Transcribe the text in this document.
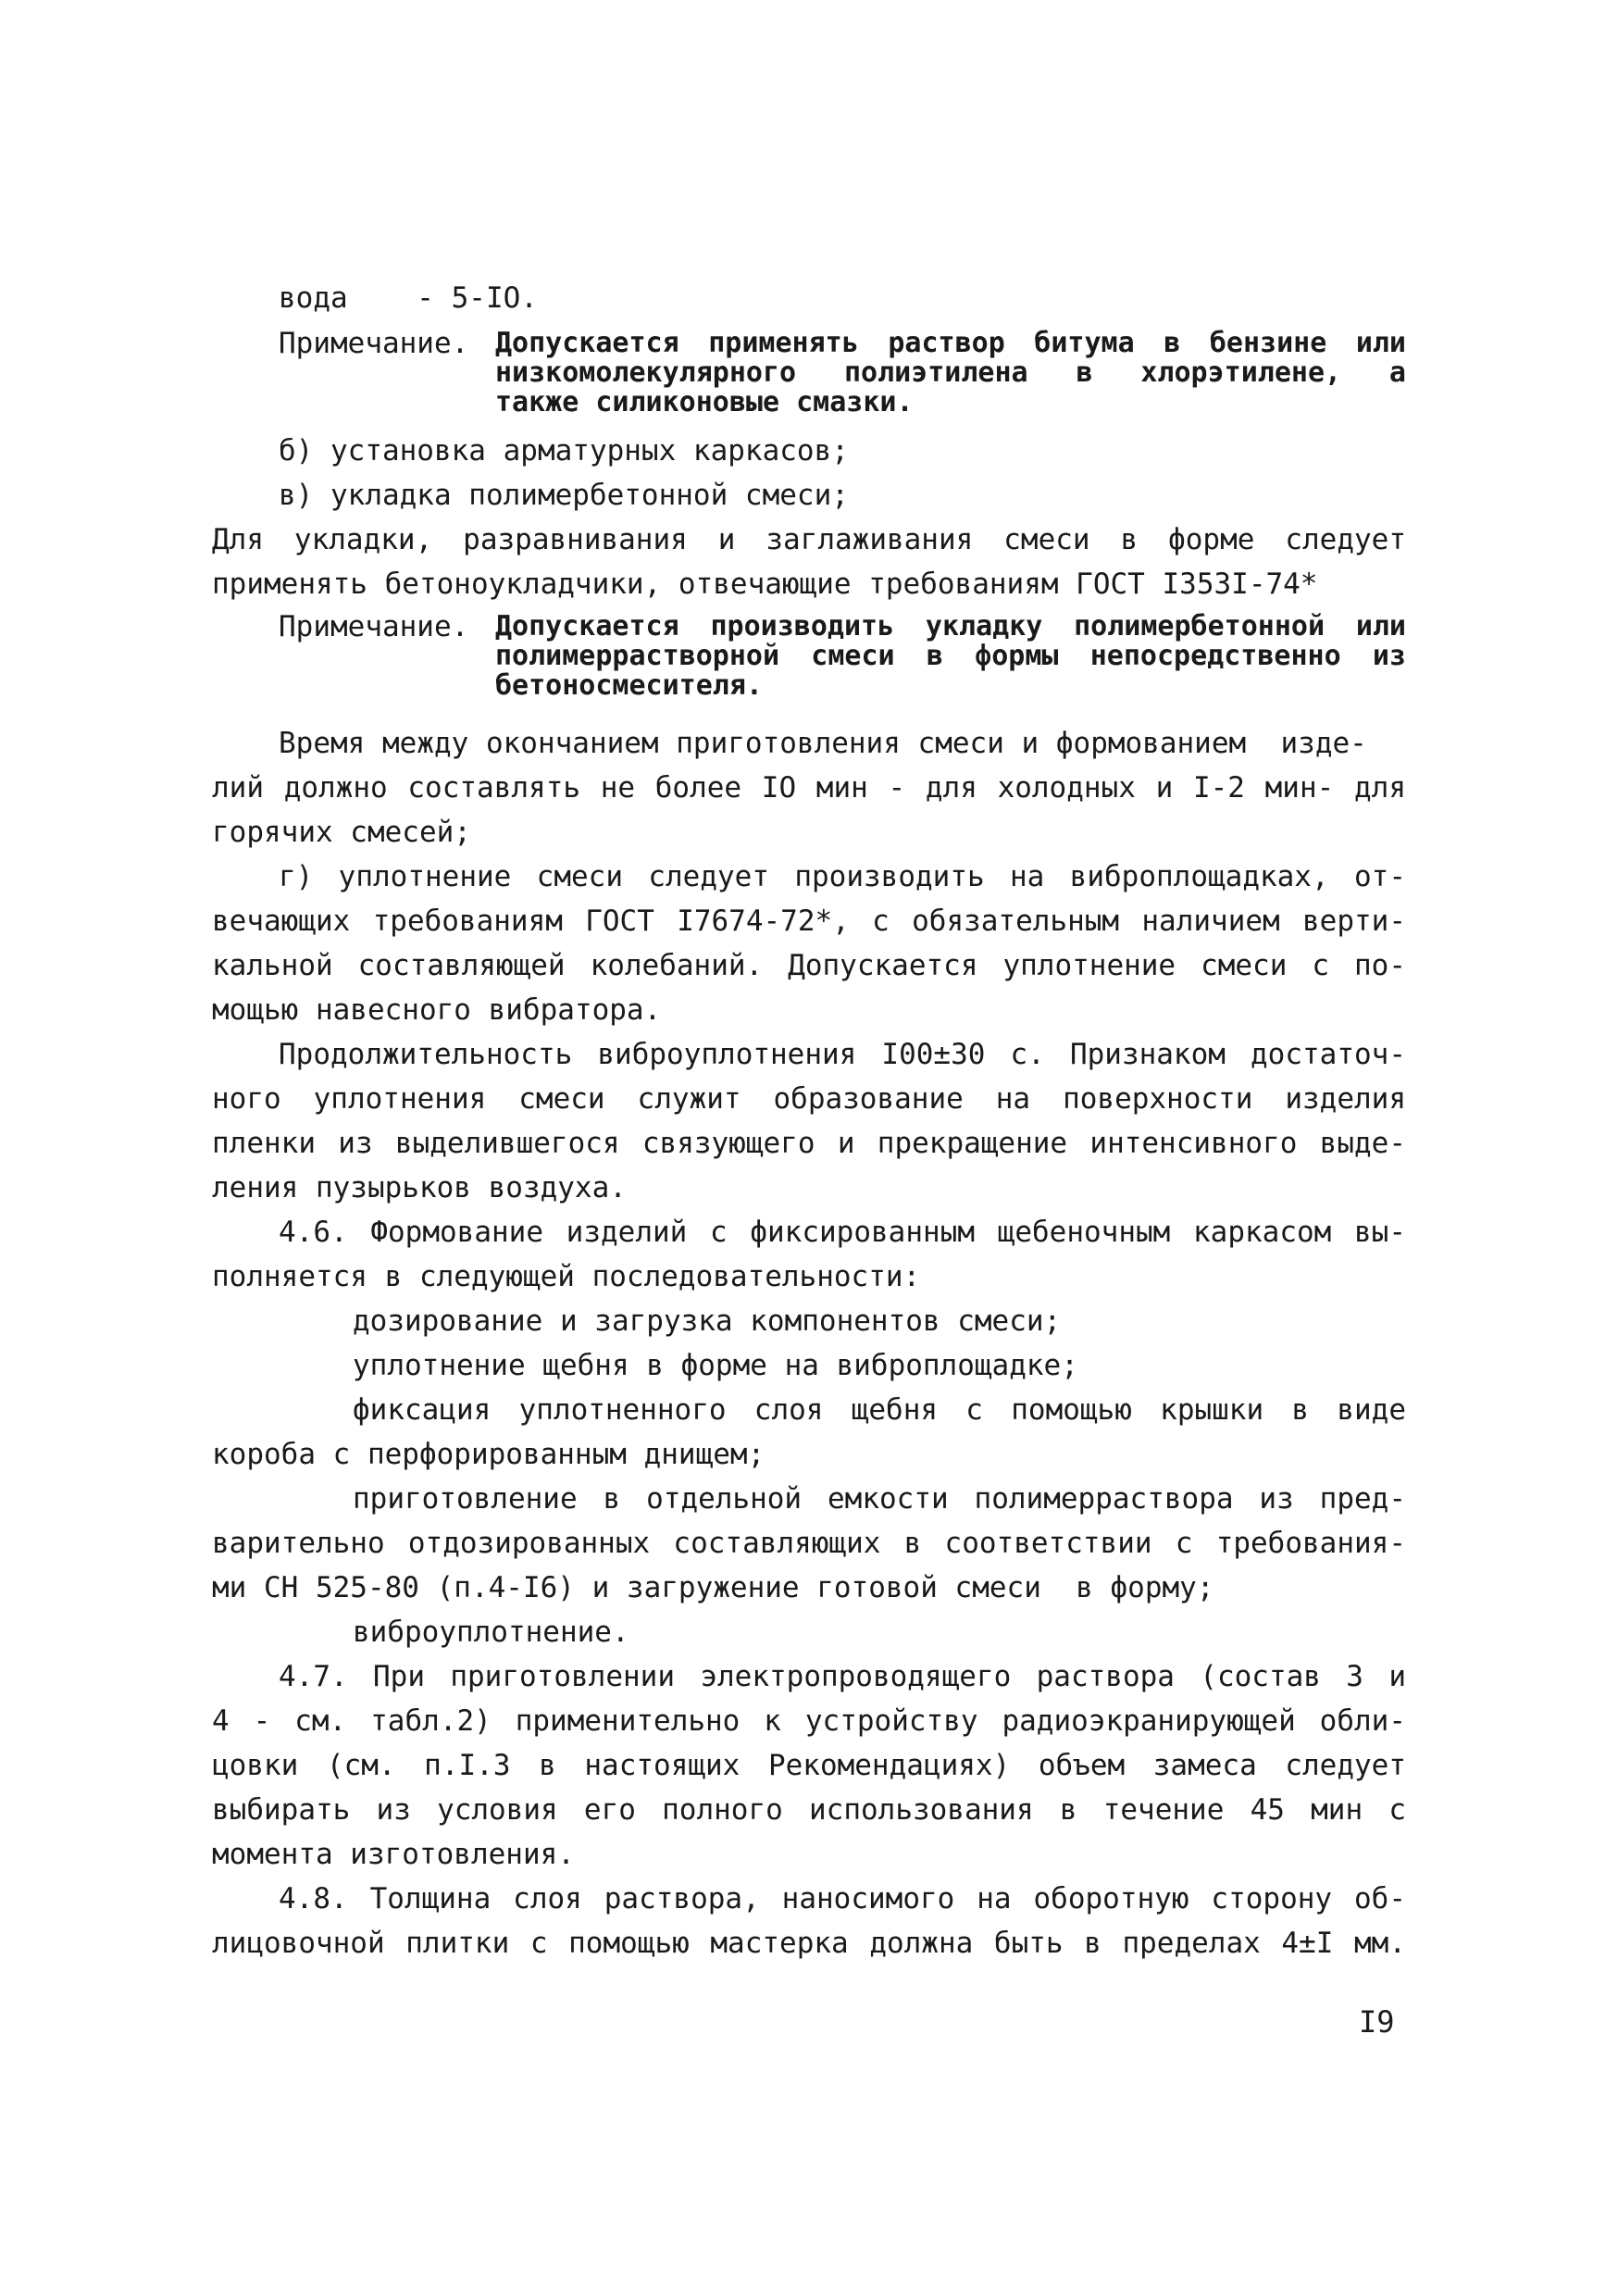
вода    - 5-IO.
Примечание. Допускается применять раствор битума в бензине или
низкомолекулярного полиэтилена в хлорэтилене, а
также силиконовые смазки.
б) установка арматурных каркасов;
в) укладка полимербетонной смеси;
Для укладки, разравнивания и заглаживания смеси в форме следует
применять бетоноукладчики, отвечающие требованиям ГОСТ I353I-74*
Примечание. Допускается производить укладку полимербетонной или
полимеррастворной смеси в формы непосредственно из
бетоносмесителя.
Время между окончанием приготовления смеси и формованием  изде-
лий должно составлять не более IO мин - для холодных и I-2 мин- для
горячих смесей;
г) уплотнение смеси следует производить на виброплощадках, от-
вечающих требованиям ГОСТ I7674-72*, с обязательным наличием верти-
кальной составляющей колебаний. Допускается уплотнение смеси с по-
мощью навесного вибратора.
Продолжительность виброуплотнения I00±30 с. Признаком достаточ-
ного уплотнения смеси служит образование на поверхности изделия
пленки из выделившегося связующего и прекращение интенсивного выде-
ления пузырьков воздуха.
4.6. Формование изделий с фиксированным щебеночным каркасом вы-
полняется в следующей последовательности:
дозирование и загрузка компонентов смеси;
уплотнение щебня в форме на виброплощадке;
фиксация уплотненного слоя щебня с помощью крышки в виде
короба с перфорированным днищем;
приготовление в отдельной емкости полимерраствора из пред-
варительно отдозированных составляющих в соответствии с требования-
ми СН 525-80 (п.4-I6) и загружение готовой смеси  в форму;
виброуплотнение.
4.7. При приготовлении электропроводящего раствора (состав 3 и
4 - см. табл.2) применительно к устройству радиоэкранирующей обли-
цовки (см. п.I.3 в настоящих Рекомендациях) объем замеса следует
выбирать из условия его полного использования в течение 45 мин с
момента изготовления.
4.8. Толщина слоя раствора, наносимого на оборотную сторону об-
лицовочной плитки с помощью мастерка должна быть в пределах 4±I мм.
I9
